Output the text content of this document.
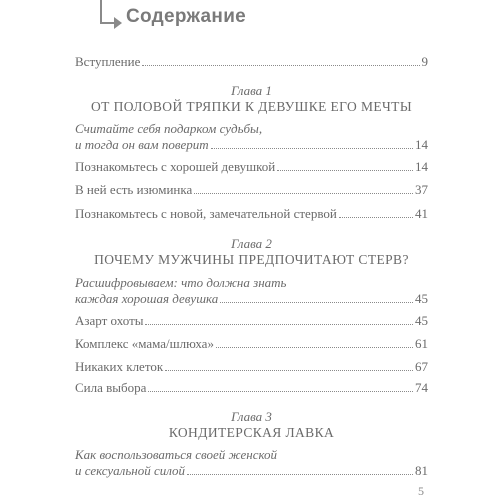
Содержание
Вступление	9
Глава 1
ОТ ПОЛОВОЙ ТРЯПКИ К ДЕВУШКЕ ЕГО МЕЧТЫ
Считайте себя подарком судьбы,
и тогда он вам поверит	14
Познакомьтесь с хорошей девушкой	14
В ней есть изюминка	37
Познакомьтесь с новой, замечательной стервой	41
Глава 2
ПОЧЕМУ МУЖЧИНЫ ПРЕДПОЧИТАЮТ СТЕРВ?
Расшифровываем: что должна знать
каждая хорошая девушка	45
Азарт охоты	45
Комплекс «мама/шлюха»	61
Никаких клеток	67
Сила выбора	74
Глава 3
КОНДИТЕРСКАЯ ЛАВКА
Как воспользоваться своей женской
и сексуальной силой	81
5
